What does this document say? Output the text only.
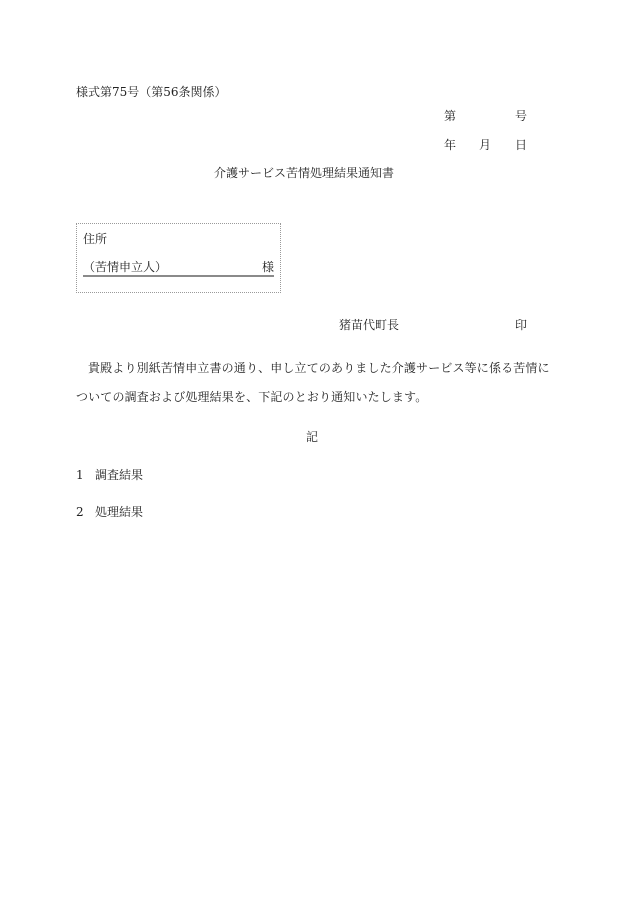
様式第75号（第56条関係）
第	号
年 月 日
介護サービス苦情処理結果通知書
住所
（苦情申立人）	様
猪苗代町長	印
貴殿より別紙苦情申立書の通り、申し立てのありました介護サービス等に係る苦情についての調査および処理結果を、下記のとおり通知いたします。
記
1 調査結果
2 処理結果
